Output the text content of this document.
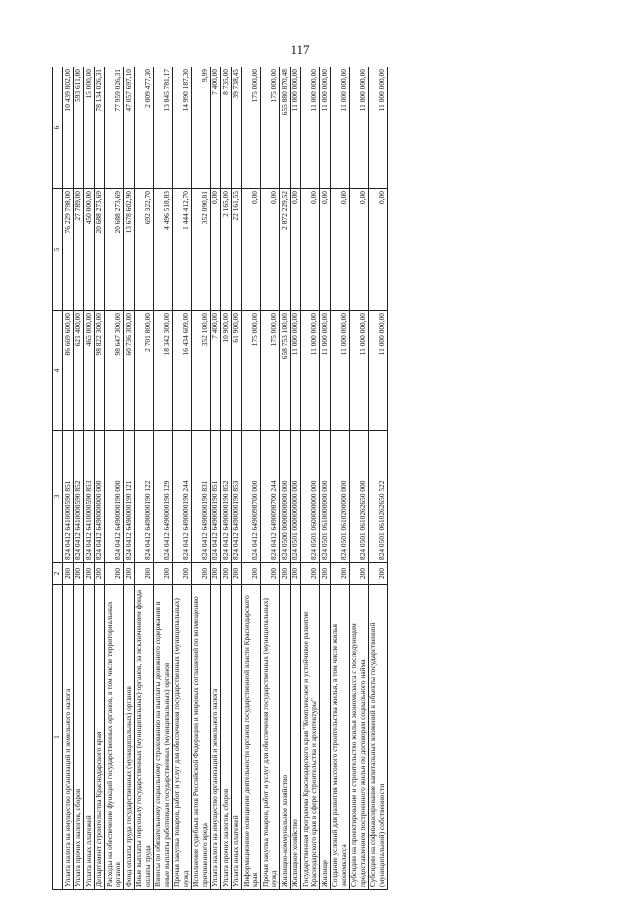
117
1	2	3	4	5	6
Уплата налога на имущество организаций и земельного налога	200	824 0412 6410000590 851	86 669 600,00	76 229 798,00	10 439 802,00
Уплата прочих налогов, сборов	200	824 0412 6410000590 852	621 400,00	27 789,00	593 611,00
Уплата иных платежей	200	824 0412 6410000590 853	465 000,00	450 000,00	15 000,00
Департамент строительства Краснодарского края	200	824 0412 6490000000 000	98 822 300,00	20 688 273,69	78 134 026,31
Расходы на обеспечение функций государственных органов, в том числе территориальных органов	200	824 0412 6490000190 000	98 647 300,00	20 688 273,69	77 959 026,31
Фонд оплаты труда государственных (муниципальных) органов	200	824 0412 6490000190 121	60 736 300,00	13 678 602,90	47 057 697,10
Иные выплаты персоналу государственных (муниципальных) органов, за исключением фонда оплаты труда	200	824 0412 6490000190 122	2 701 800,00	692 322,70	2 009 477,30
Взносы по обязательному социальному страхованию на выплаты денежного содержания и иные выплаты работникам государственных (муниципальных) органов	200	824 0412 6490000190 129	18 342 300,00	4 496 518,83	13 845 781,17
Прочая закупка товаров, работ и услуг для обеспечения государственных (муниципальных) нужд	200	824 0412 6490000190 244	16 434 609,00	1 444 412,70	14 990 187,30
Исполнение судебных актов Российской Федерации и мировых соглашений по возмещению причиненного вреда	200	824 0412 6490000190 831	352 100,00	352 090,01	9,99
Уплата налога на имущество организаций и земельного налога	200	824 0412 6490000190 851	7 400,00	0,00	7 400,00
Уплата прочих налогов, сборов	200	824 0412 6490000190 852	10 900,00	2 165,00	8 735,00
Уплата иных платежей	200	824 0412 6490000190 853	61 900,00	22 161,55	39 738,45
Информационное освещение деятельности органов государственной власти Краснодарского края	200	824 0412 6490098700 000	175 000,00	0,00	175 000,00
Прочая закупка товаров, работ и услуг для обеспечения государственных (муниципальных) нужд	200	824 0412 6490098700 244	175 000,00	0,00	175 000,00
Жилищно-коммунальное хозяйство	200	824 0500 0000000000 000	658 753 100,00	2 872 229,52	655 880 870,48
Жилищное хозяйство	200	824 0501 0000000000 000	11 000 000,00	0,00	11 000 000,00
Государственная программа Краснодарского края "Комплексное и устойчивое развитие Краснодарского края в сфере строительства и архитектуры"	200	824 0501 0600000000 000	11 000 000,00	0,00	11 000 000,00
Жилище	200	824 0501 0610000000 000	11 000 000,00	0,00	11 000 000,00
Создание условий для развития массового строительства жилья, в том числе жилья экономкласса	200	824 0501 0610200000 000	11 000 000,00	0,00	11 000 000,00
Субсидии на проектирование и строительство жилья экономкласса с последующим предоставлением построенного жилья по договорам социального найма	200	824 0501 0610262650 000	11 000 000,00	0,00	11 000 000,00
Субсидии на софинансирование капитальных вложений в объекты государственной (муниципальной) собственности	200	824 0501 0610262650 522	11 000 000,00	0,00	11 000 000,00
